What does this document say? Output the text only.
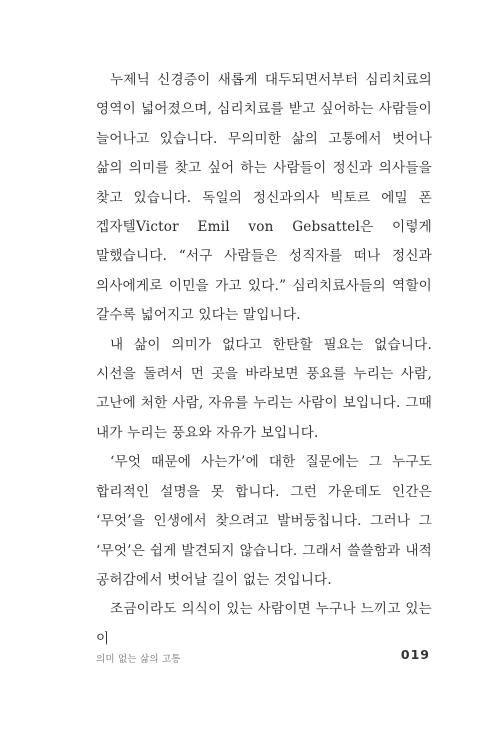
누제닉 신경증이 새롭게 대두되면서부터 심리치료의 영역이 넓어졌으며, 심리치료를 받고 싶어하는 사람들이 늘어나고 있습니다. 무의미한 삶의 고통에서 벗어나 삶의 의미를 찾고 싶어 하는 사람들이 정신과 의사들을 찾고 있습니다. 독일의 정신과의사 빅토르 에밀 폰 겝자텔Victor Emil von Gebsattel은 이렇게 말했습니다. “서구 사람들은 성직자를 떠나 정신과 의사에게로 이민을 가고 있다.” 심리치료사들의 역할이 갈수록 넓어지고 있다는 말입니다.

내 삶이 의미가 없다고 한탄할 필요는 없습니다. 시선을 돌려서 먼 곳을 바라보면 풍요를 누리는 사람, 고난에 처한 사람, 자유를 누리는 사람이 보입니다. 그때 내가 누리는 풍요와 자유가 보입니다.

‘무엇 때문에 사는가’에 대한 질문에는 그 누구도 합리적인 설명을 못 합니다. 그런 가운데도 인간은 ‘무엇’을 인생에서 찾으려고 발버둥칩니다. 그러나 그 ‘무엇’은 쉽게 발견되지 않습니다. 그래서 쓸쓸함과 내적 공허감에서 벗어날 길이 없는 것입니다.

조금이라도 의식이 있는 사람이면 누구나 느끼고 있는 이

의미 없는 삶의 고통	019
